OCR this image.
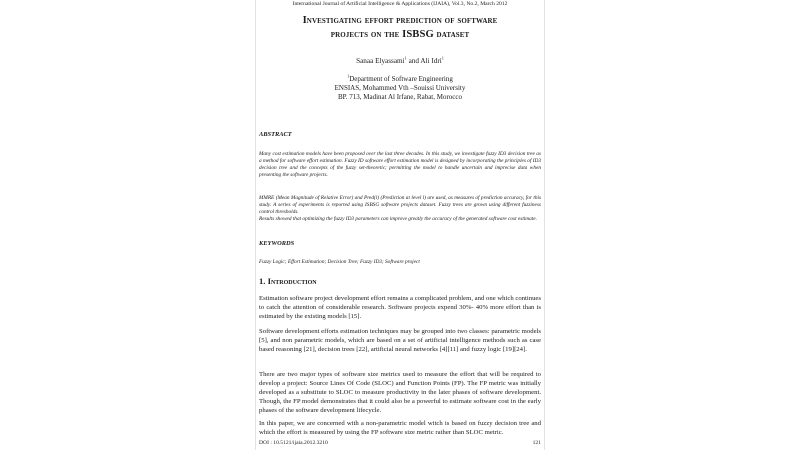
International Journal of Artificial Intelligence & Applications (IJAIA), Vol.3, No.2, March 2012
Investigating effort prediction of software
projects on the ISBSG dataset
Sanaa Elyassami$^1$ and Ali Idri$^1$
$^1$Department of Software Engineering
ENSIAS, Mohammed Vth –Souissi University
BP. 713, Madinat Al Irfane, Rabat, Morocco
ABSTRACT
Many cost estimation models have been proposed over the last three decades. In this study, we investigate fuzzy ID3 decision tree as a method for software effort estimation. Fuzzy ID software effort estimation model is designed by incorporating the principles of ID3 decision tree and the concepts of the fuzzy set-theoretic; permitting the model to handle uncertain and imprecise data when presenting the software projects.
MMRE (Mean Magnitude of Relative Error) and Pred(l) (Prediction at level l) are used, as measures of prediction accuracy, for this study. A series of experiments is reported using ISBSG software projects dataset. Fuzzy trees are grown using different fuzziness control thresholds.
Results showed that optimizing the fuzzy ID3 parameters can improve greatly the accuracy of the generated software cost estimate.
KEYWORDS
Fuzzy Logic; Effort Estimation; Decision Tree; Fuzzy ID3; Software project
1. Introduction
Estimation software project development effort remains a complicated problem, and one which continues to catch the attention of considerable research. Software projects expend 30%- 40% more effort than is estimated by the existing models [15].
Software development efforts estimation techniques may be grouped into two classes: parametric models [5], and non parametric models, which are based on a set of artificial intelligence methods such as case based reasoning [21], decision trees [22], artificial neural networks [4][11] and fuzzy logic [19][24].
There are two major types of software size metrics used to measure the effort that will be required to develop a project: Source Lines Of Code (SLOC) and Function Points (FP). The FP metric was initially developed as a substitute to SLOC to measure productivity in the later phases of software development. Though, the FP model demonstrates that it could also be a powerful to estimate software cost in the early phases of the software development lifecycle.
In this paper, we are concerned with a non-parametric model witch is based on fuzzy decision tree and which the effort is measured by using the FP software size metric rather than SLOC metric.
DOI : 10.5121/ijaia.2012.3210	121
